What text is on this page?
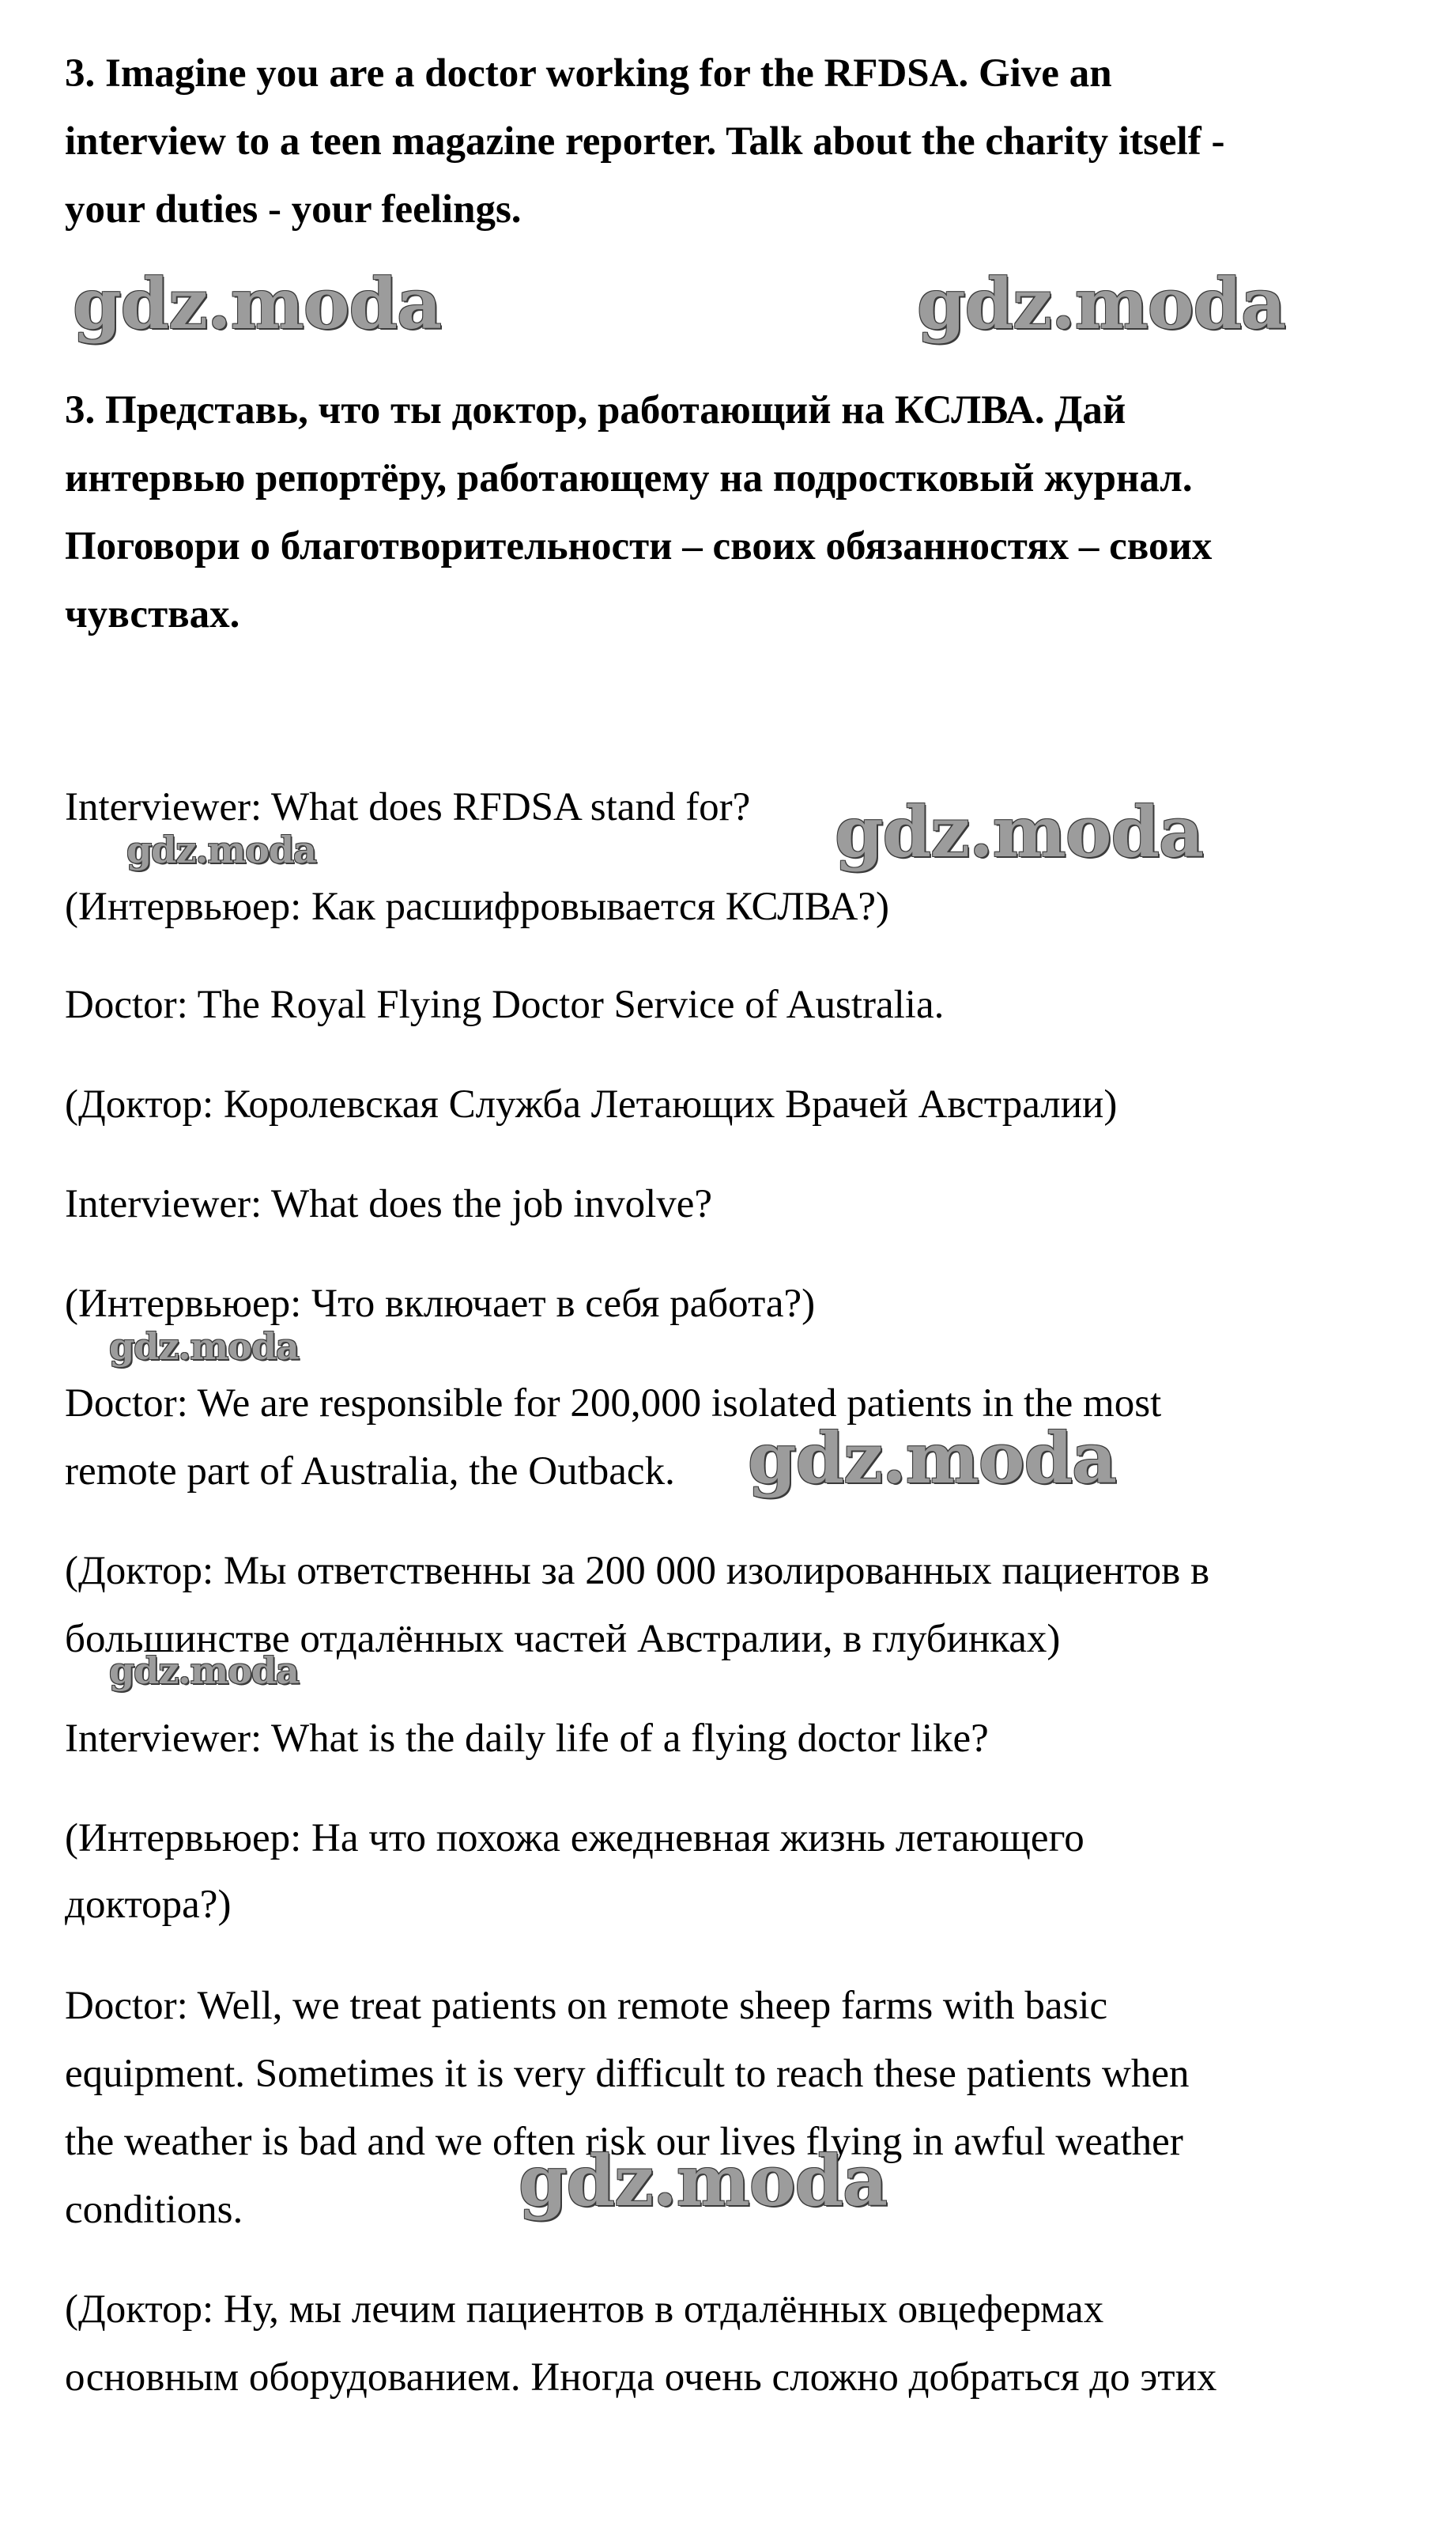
3. Imagine you are a doctor working for the RFDSA. Give an
interview to a teen magazine reporter. Talk about the charity itself -
your duties - your feelings.
3. Представь, что ты доктор, работающий на КСЛВА. Дай
интервью репортёру, работающему на подростковый журнал.
Поговори о благотворительности – своих обязанностях – своих
чувствах.
Interviewer: What does RFDSA stand for?
(Интервьюер: Как расшифровывается КСЛВА?)
Doctor: The Royal Flying Doctor Service of Australia.
(Доктор: Королевская Служба Летающих Врачей Австралии)
Interviewer: What does the job involve?
(Интервьюер: Что включает в себя работа?)
Doctor: We are responsible for 200,000 isolated patients in the most
remote part of Australia, the Outback.
(Доктор: Мы ответственны за 200 000 изолированных пациентов в
большинстве отдалённых частей Австралии, в глубинках)
Interviewer: What is the daily life of a flying doctor like?
(Интервьюер: На что похожа ежедневная жизнь летающего
доктора?)
Doctor: Well, we treat patients on remote sheep farms with basic
equipment. Sometimes it is very difficult to reach these patients when
the weather is bad and we often risk our lives flying in awful weather
conditions.
(Доктор: Ну, мы лечим пациентов в отдалённых овцефермах
основным оборудованием. Иногда очень сложно добраться до этих
gdz.moda	gdz.moda
gdz.moda	gdz.moda
gdz.moda
gdz.moda
gdz.moda
gdz.moda
